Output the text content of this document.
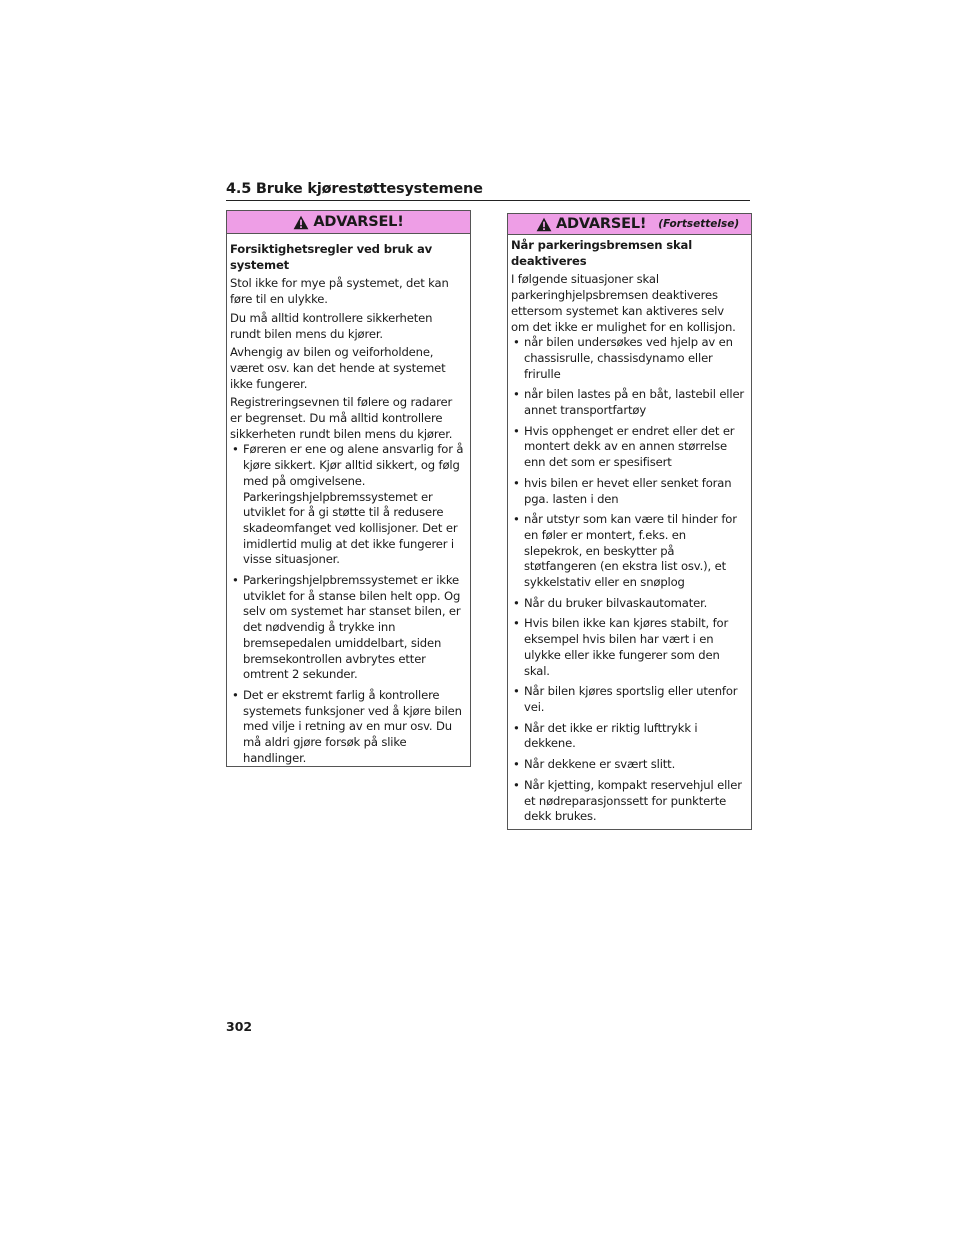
4.5 Bruke kjørestøttesystemene
ADVARSEL!
Forsiktighetsregler ved bruk av systemet

Stol ikke for mye på systemet, det kan føre til en ulykke.

Du må alltid kontrollere sikkerheten rundt bilen mens du kjører.

Avhengig av bilen og veiforholdene, været osv. kan det hende at systemet ikke fungerer.

Registreringsevnen til følere og radarer er begrenset. Du må alltid kontrollere sikkerheten rundt bilen mens du kjører.

• Føreren er ene og alene ansvarlig for å kjøre sikkert. Kjør alltid sikkert, og følg med på omgivelsene. Parkeringshjelpbremssystemet er utviklet for å gi støtte til å redusere skadeomfanget ved kollisjoner. Det er imidlertid mulig at det ikke fungerer i visse situasjoner.
• Parkeringshjelpbremssystemet er ikke utviklet for å stanse bilen helt opp. Og selv om systemet har stanset bilen, er det nødvendig å trykke inn bremsepedalen umiddelbart, siden bremsekontrollen avbrytes etter omtrent 2 sekunder.
• Det er ekstremt farlig å kontrollere systemets funksjoner ved å kjøre bilen med vilje i retning av en mur osv. Du må aldri gjøre forsøk på slike handlinger.
ADVARSEL! (Fortsettelse)
Når parkeringsbremsen skal deaktiveres

I følgende situasjoner skal parkeringhjelpsbremsen deaktiveres ettersom systemet kan aktiveres selv om det ikke er mulighet for en kollisjon.

• når bilen undersøkes ved hjelp av en chassisrulle, chassisdynamo eller frirulle
• når bilen lastes på en båt, lastebil eller annet transportfartøy
• Hvis opphenget er endret eller det er montert dekk av en annen størrelse enn det som er spesifisert
• hvis bilen er hevet eller senket foran pga. lasten i den
• når utstyr som kan være til hinder for en føler er montert, f.eks. en slepekrok, en beskytter på støtfangeren (en ekstra list osv.), et sykkelstativ eller en snøplog
• Når du bruker bilvaskautomater.
• Hvis bilen ikke kan kjøres stabilt, for eksempel hvis bilen har vært i en ulykke eller ikke fungerer som den skal.
• Når bilen kjøres sportslig eller utenfor vei.
• Når det ikke er riktig lufttrykk i dekkene.
• Når dekkene er svært slitt.
• Når kjetting, kompakt reservehjul eller et nødreparasjonssett for punkterte dekk brukes.
302
